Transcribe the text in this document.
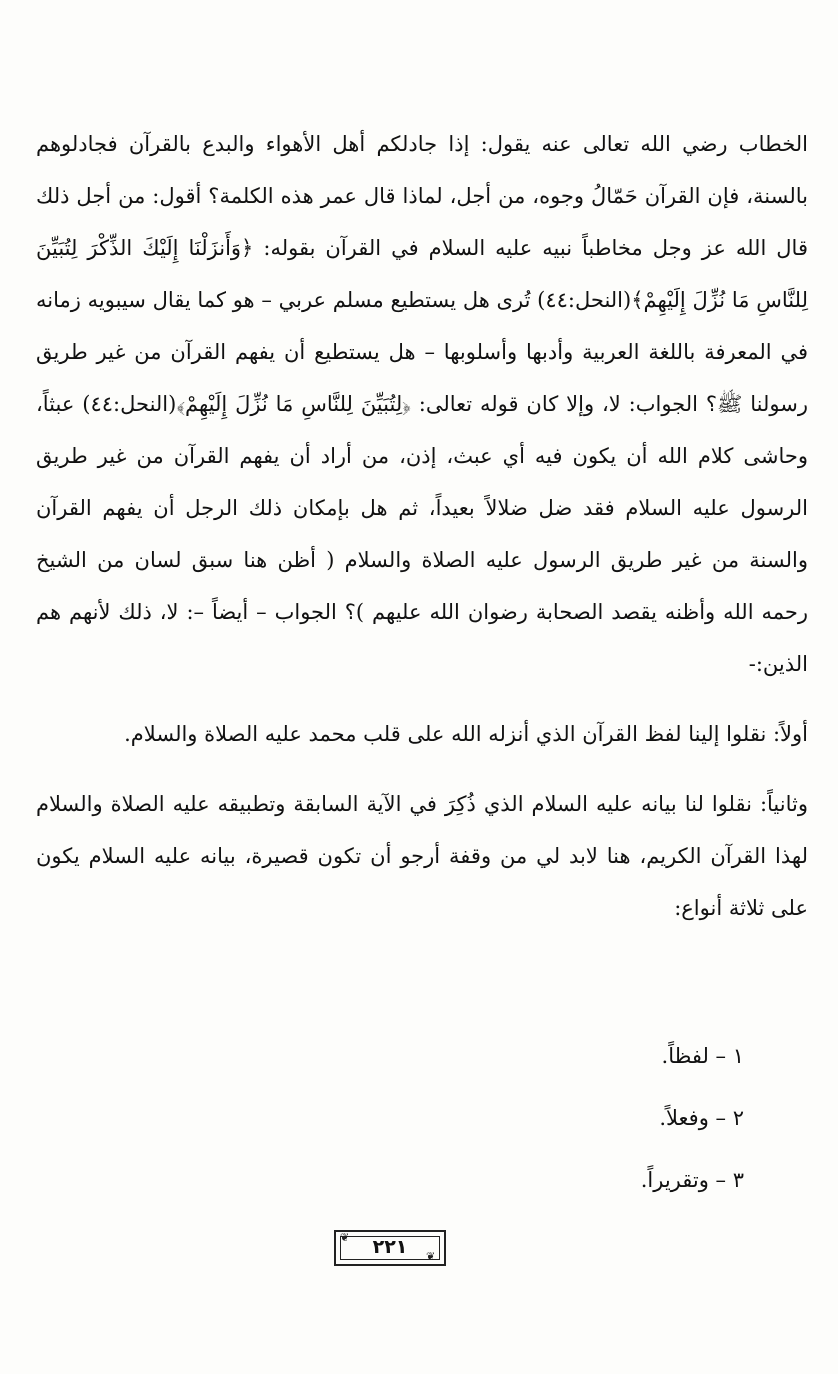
الخطاب رضي الله تعالى عنه يقول: إذا جادلكم أهل الأهواء والبدع بالقرآن فجادلوهم بالسنة، فإن القرآن حَمّالُ وجوه، من أجل، لماذا قال عمر هذه الكلمة؟ أقول: من أجل ذلك قال الله عز وجل مخاطباً نبيه عليه السلام في القرآن بقوله: ﴿وَأَنزَلْنَا إِلَيْكَ الذِّكْرَ لِتُبَيِّنَ لِلنَّاسِ مَا نُزِّلَ إِلَيْهِمْ﴾(النحل:٤٤) تُرى هل يستطيع مسلم عربي – هو كما يقال سيبويه زمانه في المعرفة باللغة العربية وأدبها وأسلوبها – هل يستطيع أن يفهم القرآن من غير طريق رسولنا ﷺ؟ الجواب: لا، وإلا كان قوله تعالى: ﴿لِتُبَيِّنَ لِلنَّاسِ مَا نُزِّلَ إِلَيْهِمْ﴾(النحل:٤٤) عبثاً، وحاشى كلام الله أن يكون فيه أي عبث، إذن، من أراد أن يفهم القرآن من غير طريق الرسول عليه السلام فقد ضل ضلالاً بعيداً، ثم هل بإمكان ذلك الرجل أن يفهم القرآن والسنة من غير طريق الرسول عليه الصلاة والسلام ( أظن هنا سبق لسان من الشيخ رحمه الله وأظنه يقصد الصحابة رضوان الله عليهم )؟ الجواب – أيضاً –: لا، ذلك لأنهم هم الذين:-

أولاً: نقلوا إلينا لفظ القرآن الذي أنزله الله على قلب محمد عليه الصلاة والسلام.

وثانياً: نقلوا لنا بيانه عليه السلام الذي ذُكِرَ في الآية السابقة وتطبيقه عليه الصلاة والسلام لهذا القرآن الكريم، هنا لابد لي من وقفة أرجو أن تكون قصيرة، بيانه عليه السلام يكون على ثلاثة أنواع:

١ – لفظاً.
٢ – وفعلاً.
٣ – وتقريراً.
٢٢١
❦
❦
